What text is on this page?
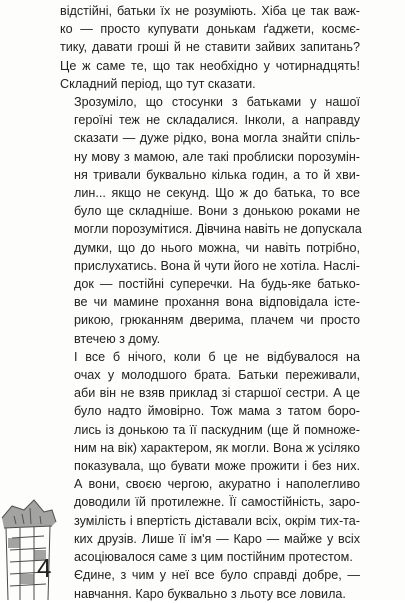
відстійні, батьки їх не розуміють. Хіба це так важ-
ко — просто купувати донькам ґаджети, космє-
тику, давати гроші й не ставити зайвих запитань?
Це ж саме те, що так необхідно у чотирнадцять!
Складний період, що тут сказати.

Зрозуміло, що стосунки з батьками у нашої
героїні теж не складалися. Інколи, а направду
сказати — дуже рідко, вона могла знайти спіль-
ну мову з мамою, але такі проблиски порозумін-
ня тривали буквально кілька годин, а то й хви-
лин... якщо не секунд. Що ж до батька, то все
було ще складніше. Вони з донькою роками не
могли порозумітися. Дівчина навіть не допускала
думки, що до нього можна, чи навіть потрібно,
прислухатись. Вона й чути його не хотіла. Наслі-
док — постійні суперечки. На будь-яке батько-
ве чи мамине прохання вона відповідала істе-
рикою, грюканням дверима, плачем чи просто
втечею з дому.

І все б нічого, коли б це не відбувалося на
очах у молодшого брата. Батьки переживали,
аби він не взяв приклад зі старшої сестри. А це
було надто ймовірно. Тож мама з татом боро-
лись із донькою та її паскудним (ще й помноже-
ним на вік) характером, як могли. Вона ж усіляко
показувала, що бувати може прожити і без них.
А вони, своєю чергою, акуратно і наполегливо
доводили їй протилежне. Її самостійність, зaро-
зумілість і впертість діставали всіх, окрім тих-та-
ких друзів. Лише її ім'я — Каро — майже у всіх
асоціювалося саме з цим постійним протестом.

Єдине, з чим у неї все було справді добре, —
навчання. Каро буквально з льоту все ловила.

4
